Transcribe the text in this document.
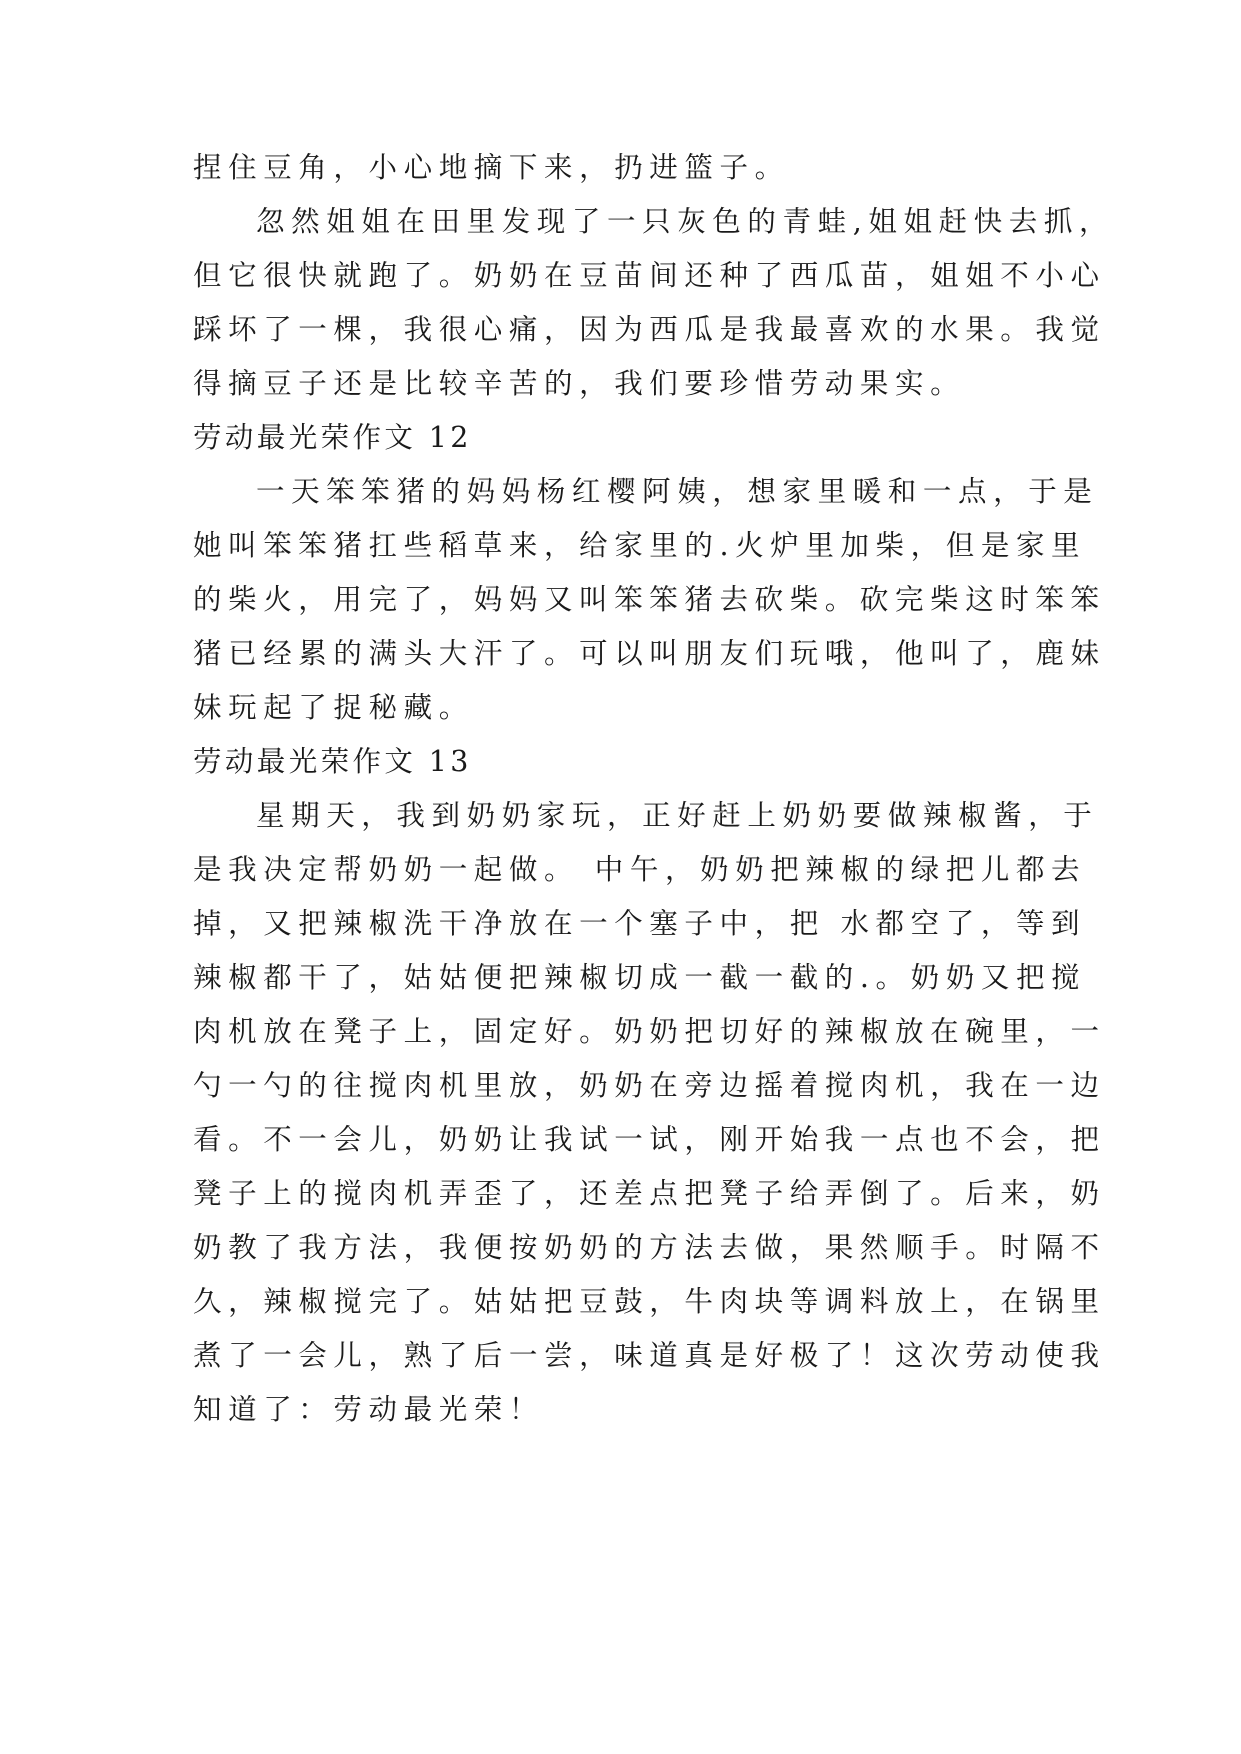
捏住豆角，小心地摘下来，扔进篮子。

忽然姐姐在田里发现了一只灰色的青蛙,姐姐赶快去抓，

但它很快就跑了。奶奶在豆苗间还种了西瓜苗，姐姐不小心

踩坏了一棵，我很心痛，因为西瓜是我最喜欢的水果。我觉

得摘豆子还是比较辛苦的，我们要珍惜劳动果实。

劳动最光荣作文 12

一天笨笨猪的妈妈杨红樱阿姨，想家里暖和一点，于是

她叫笨笨猪扛些稻草来，给家里的.火炉里加柴，但是家里

的柴火，用完了，妈妈又叫笨笨猪去砍柴。砍完柴这时笨笨

猪已经累的满头大汗了。可以叫朋友们玩哦，他叫了，鹿妹

妹玩起了捉秘藏。

劳动最光荣作文 13

星期天，我到奶奶家玩，正好赶上奶奶要做辣椒酱，于

是我决定帮奶奶一起做。 中午，奶奶把辣椒的绿把儿都去

掉，又把辣椒洗干净放在一个塞子中，把 水都空了，等到

辣椒都干了，姑姑便把辣椒切成一截一截的.。奶奶又把搅

肉机放在凳子上，固定好。奶奶把切好的辣椒放在碗里，一

勺一勺的往搅肉机里放，奶奶在旁边摇着搅肉机，我在一边

看。不一会儿，奶奶让我试一试，刚开始我一点也不会，把

凳子上的搅肉机弄歪了，还差点把凳子给弄倒了。后来，奶

奶教了我方法，我便按奶奶的方法去做，果然顺手。时隔不

久，辣椒搅完了。姑姑把豆鼓，牛肉块等调料放上，在锅里

煮了一会儿，熟了后一尝，味道真是好极了！这次劳动使我

知道了：劳动最光荣！
